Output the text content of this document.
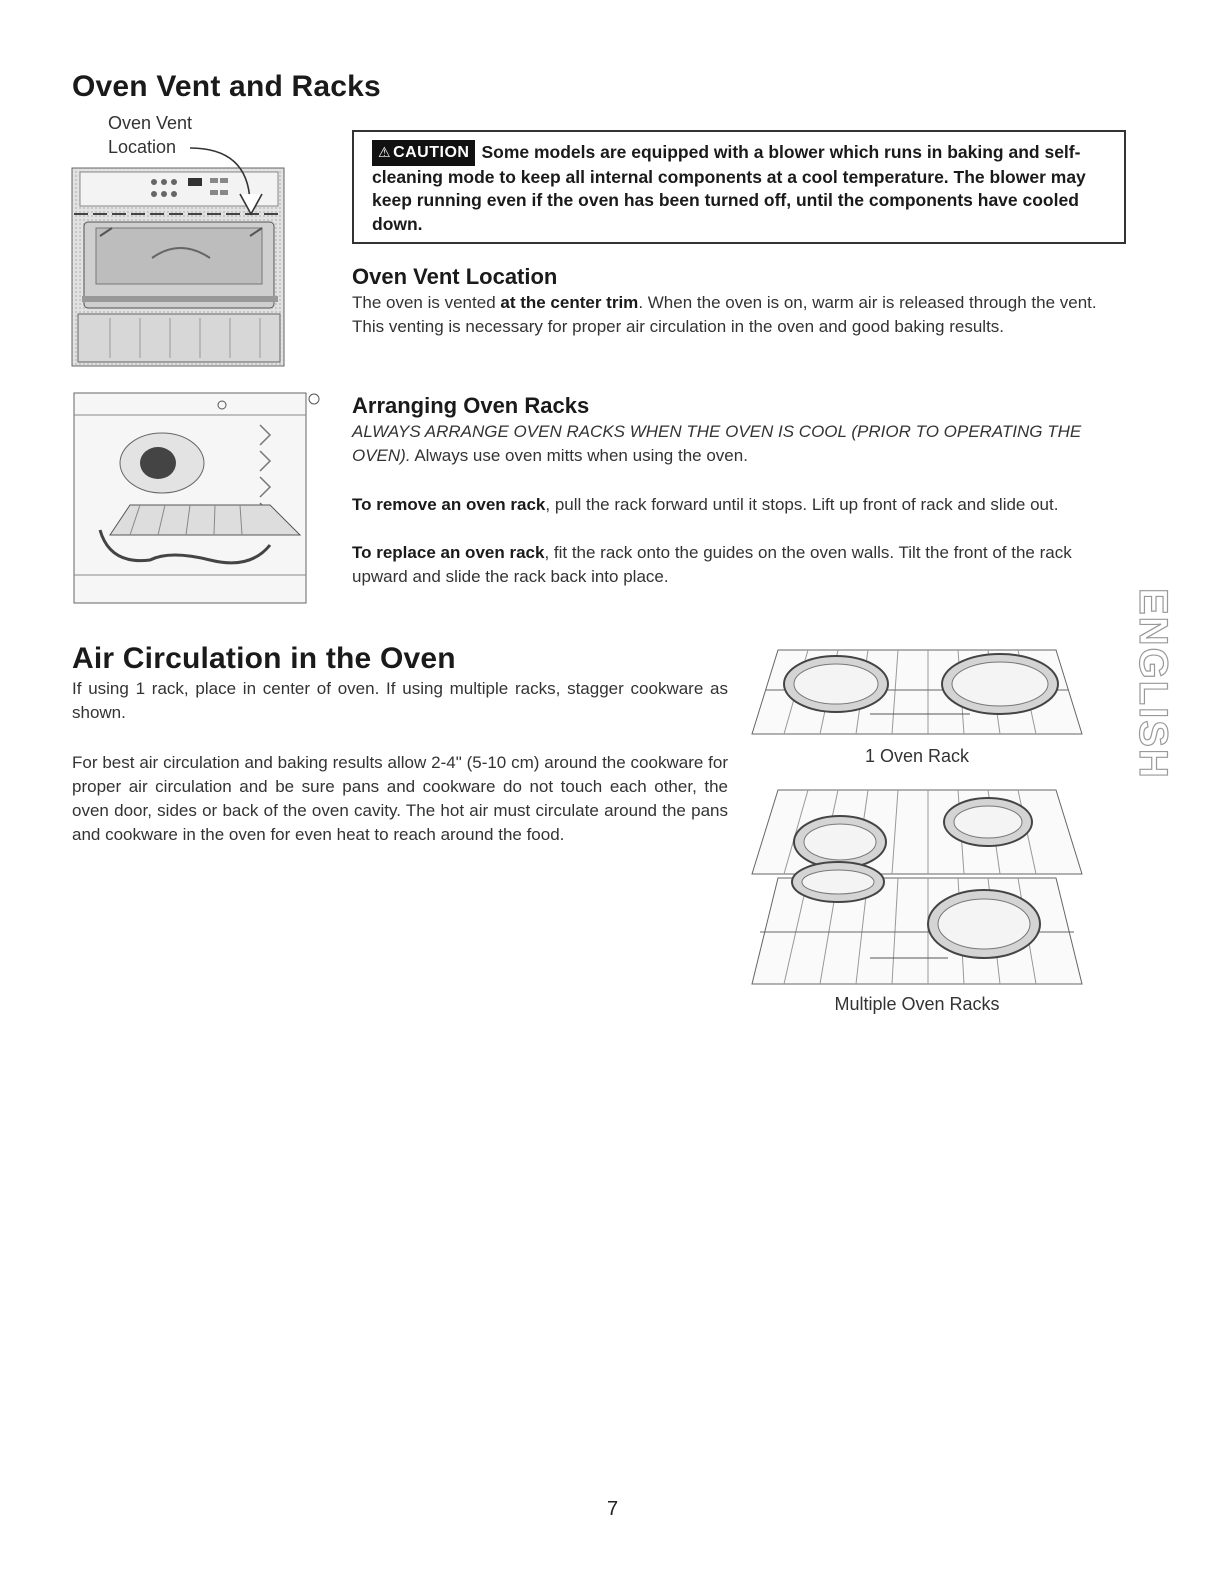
Oven Vent and Racks
Oven Vent
Location	⚠ CAUTION Some models are equipped with a blower which runs in baking and self-cleaning mode to keep all internal components at a cool temperature. The blower may keep running even if the oven has been turned off, until the components have cooled down.
Oven Vent Location

The oven is vented at the center trim. When the oven is on, warm air is released through the vent. This venting is necessary for proper air circulation in the oven and good baking results.

Arranging Oven Racks

ALWAYS ARRANGE OVEN RACKS WHEN THE OVEN IS COOL (PRIOR TO OPERATING THE OVEN). Always use oven mitts when using the oven.

To remove an oven rack, pull the rack forward until it stops. Lift up front of rack and slide out.

To replace an oven rack, fit the rack onto the guides on the oven walls. Tilt the front of the rack upward and slide the rack back into place.

ENGLISH
Air Circulation in the Oven

If using 1 rack, place in center of oven. If using multiple racks, stagger cookware as shown.

For best air circulation and baking results allow 2-4" (5-10 cm) around the cookware for proper air circulation and be sure pans and cookware do not touch each other, the oven door, sides or back of the oven cavity. The hot air must circulate around the pans and cookware in the oven for even heat to reach around the food.

1 Oven Rack
Multiple Oven Racks
7
